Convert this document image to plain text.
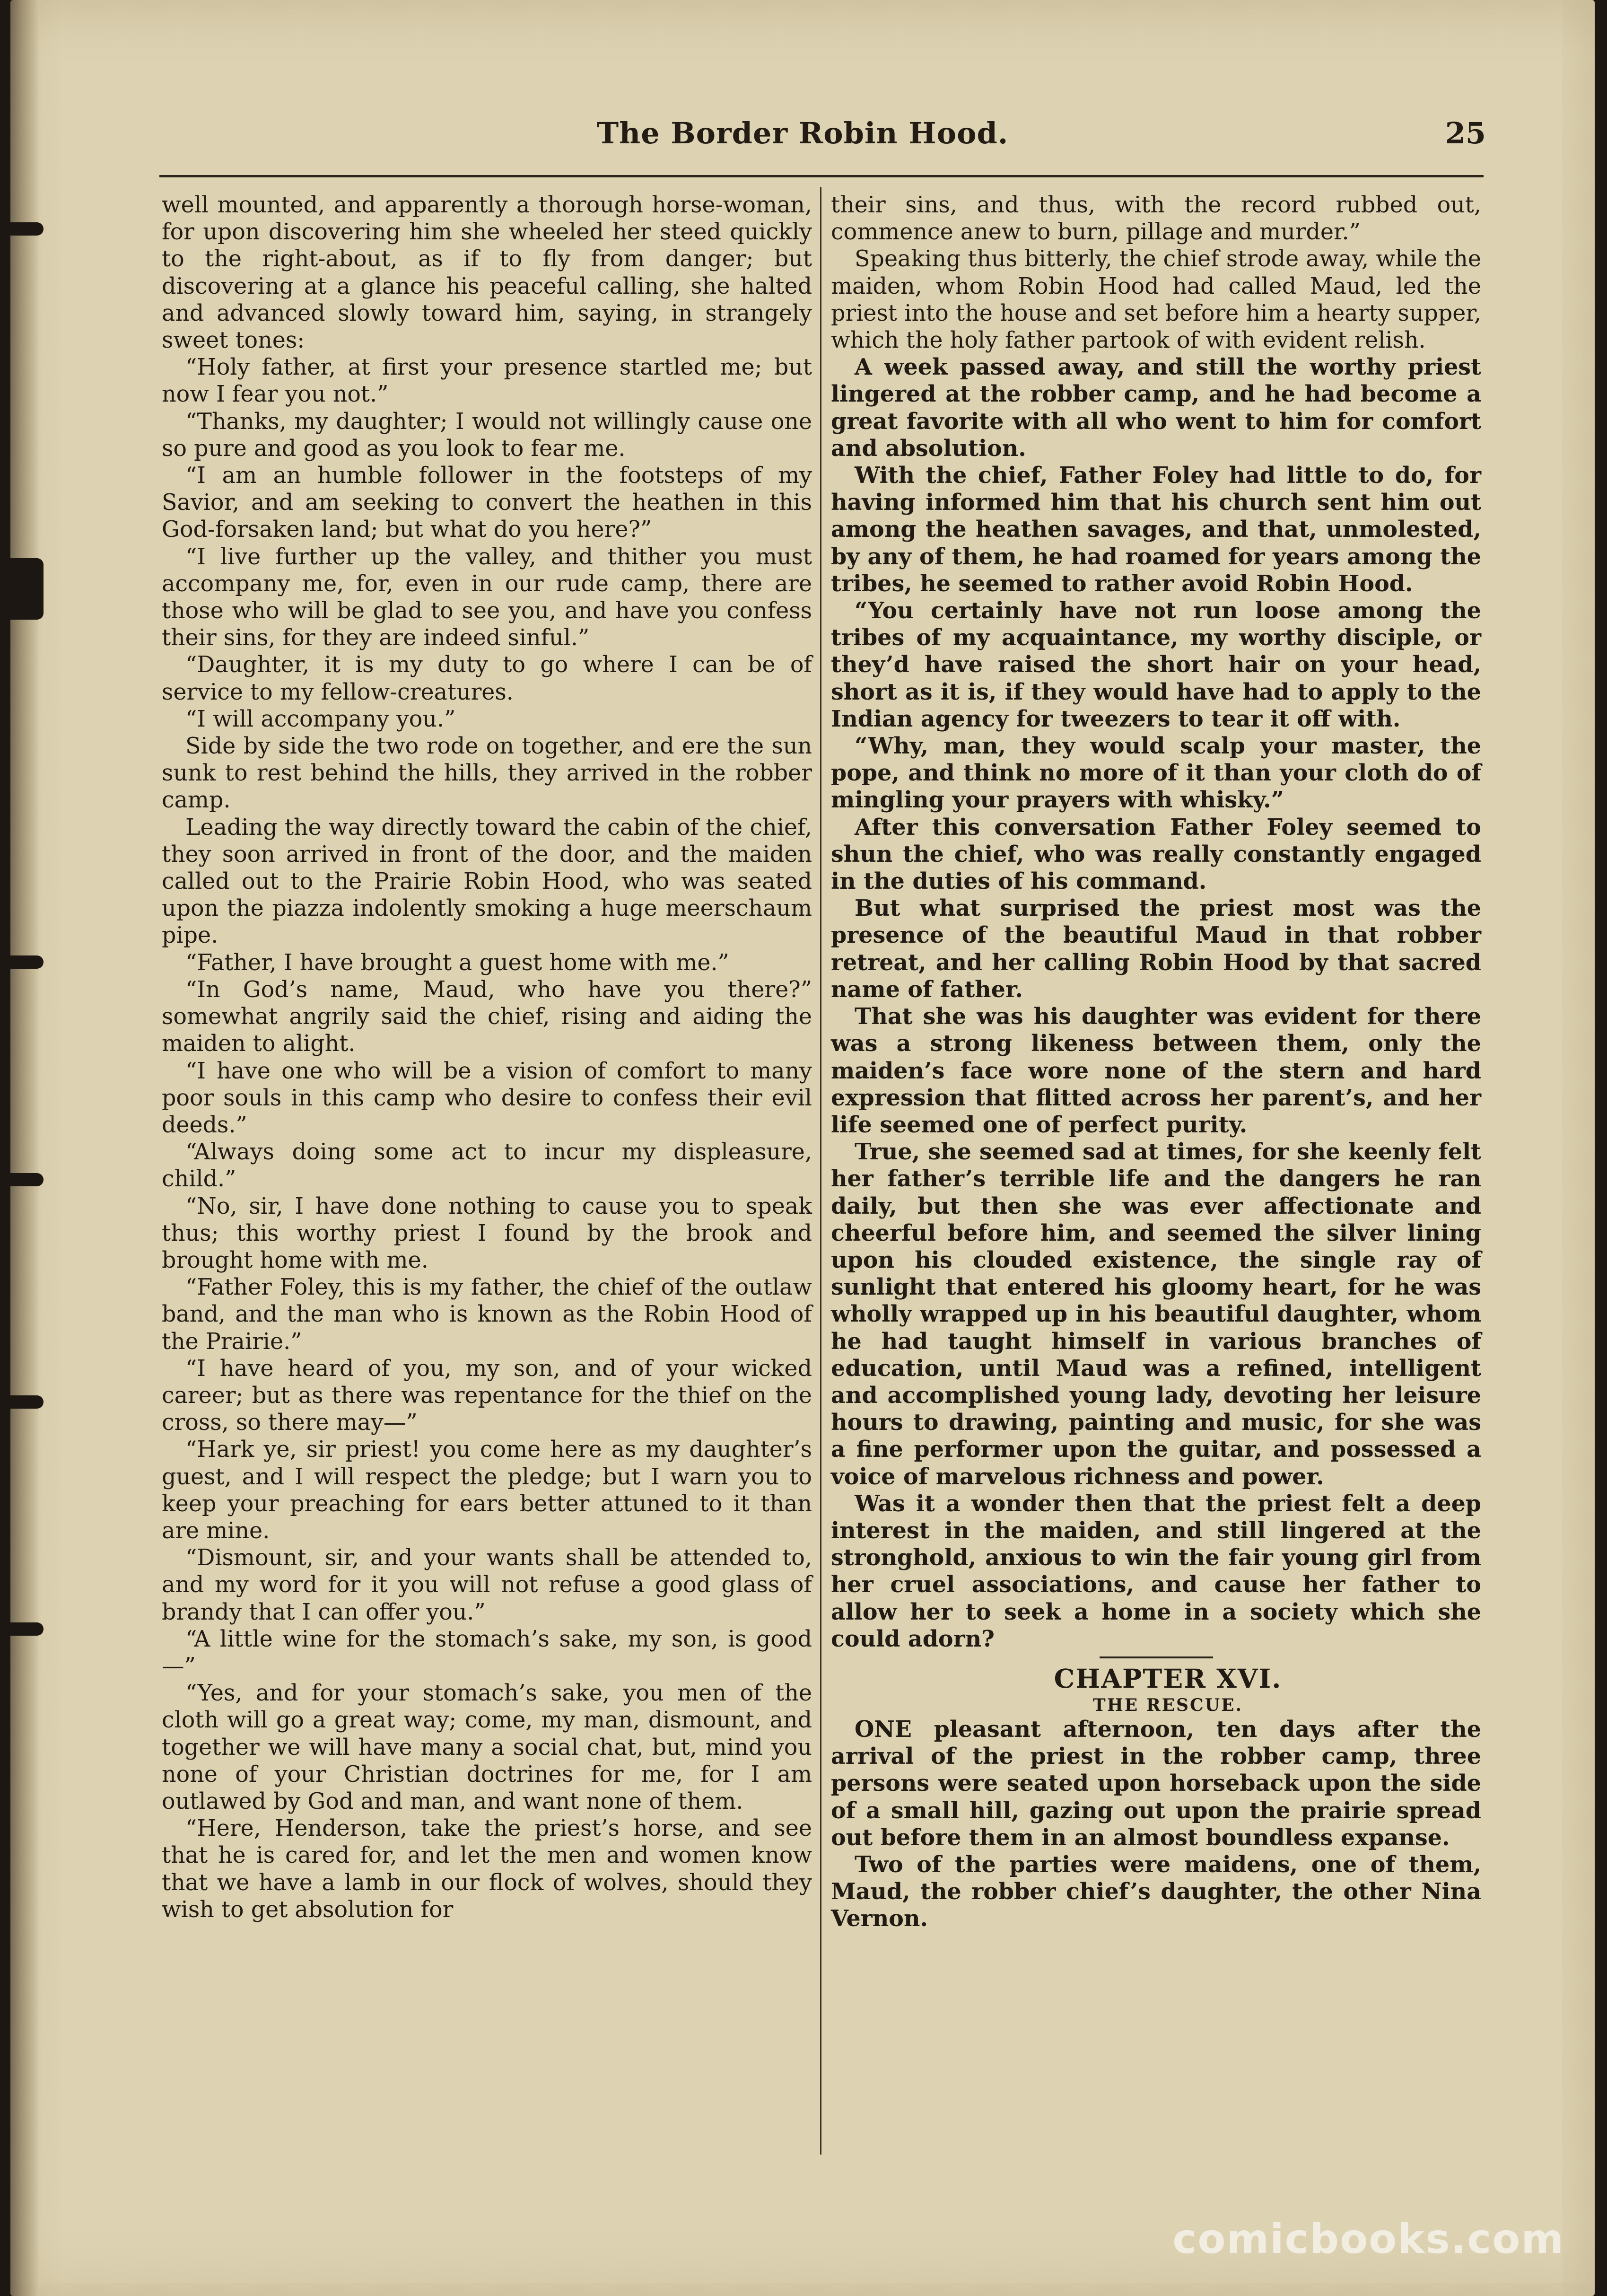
The Border Robin Hood.	25

well mounted, and apparently a thorough horse-woman, for upon discovering him she wheeled her steed quickly to the right-about, as if to fly from danger; but discovering at a glance his peaceful calling, she halted and advanced slowly toward him, saying, in strangely sweet tones:

“Holy father, at first your presence startled me; but now I fear you not.”

“Thanks, my daughter; I would not willingly cause one so pure and good as you look to fear me.

“I am an humble follower in the footsteps of my Savior, and am seeking to convert the heathen in this God-forsaken land; but what do you here?”

“I live further up the valley, and thither you must accompany me, for, even in our rude camp, there are those who will be glad to see you, and have you confess their sins, for they are indeed sinful.”

“Daughter, it is my duty to go where I can be of service to my fellow-creatures.

“I will accompany you.”

Side by side the two rode on together, and ere the sun sunk to rest behind the hills, they arrived in the robber camp.

Leading the way directly toward the cabin of the chief, they soon arrived in front of the door, and the maiden called out to the Prairie Robin Hood, who was seated upon the piazza indolently smoking a huge meerschaum pipe.

“Father, I have brought a guest home with me.”

“In God’s name, Maud, who have you there?” somewhat angrily said the chief, rising and aiding the maiden to alight.

“I have one who will be a vision of comfort to many poor souls in this camp who desire to confess their evil deeds.”

“Always doing some act to incur my displeasure, child.”

“No, sir, I have done nothing to cause you to speak thus; this worthy priest I found by the brook and brought home with me.

“Father Foley, this is my father, the chief of the outlaw band, and the man who is known as the Robin Hood of the Prairie.”

“I have heard of you, my son, and of your wicked career; but as there was repentance for the thief on the cross, so there may—”

“Hark ye, sir priest! you come here as my daughter’s guest, and I will respect the pledge; but I warn you to keep your preaching for ears better attuned to it than are mine.

“Dismount, sir, and your wants shall be attended to, and my word for it you will not refuse a good glass of brandy that I can offer you.”

“A little wine for the stomach’s sake, my son, is good—”

“Yes, and for your stomach’s sake, you men of the cloth will go a great way; come, my man, dismount, and together we will have many a social chat, but, mind you none of your Christian doctrines for me, for I am outlawed by God and man, and want none of them.

“Here, Henderson, take the priest’s horse, and see that he is cared for, and let the men and women know that we have a lamb in our flock of wolves, should they wish to get absolution for

their sins, and thus, with the record rubbed out, commence anew to burn, pillage and murder.”

Speaking thus bitterly, the chief strode away, while the maiden, whom Robin Hood had called Maud, led the priest into the house and set before him a hearty supper, which the holy father partook of with evident relish.

A week passed away, and still the worthy priest lingered at the robber camp, and he had become a great favorite with all who went to him for comfort and absolution.

With the chief, Father Foley had little to do, for having informed him that his church sent him out among the heathen savages, and that, unmolested, by any of them, he had roamed for years among the tribes, he seemed to rather avoid Robin Hood.

“You certainly have not run loose among the tribes of my acquaintance, my worthy disciple, or they’d have raised the short hair on your head, short as it is, if they would have had to apply to the Indian agency for tweezers to tear it off with.

“Why, man, they would scalp your master, the pope, and think no more of it than your cloth do of mingling your prayers with whisky.”

After this conversation Father Foley seemed to shun the chief, who was really constantly engaged in the duties of his command.

But what surprised the priest most was the presence of the beautiful Maud in that robber retreat, and her calling Robin Hood by that sacred name of father.

That she was his daughter was evident for there was a strong likeness between them, only the maiden’s face wore none of the stern and hard expression that flitted across her parent’s, and her life seemed one of perfect purity.

True, she seemed sad at times, for she keenly felt her father’s terrible life and the dangers he ran daily, but then she was ever affectionate and cheerful before him, and seemed the silver lining upon his clouded existence, the single ray of sunlight that entered his gloomy heart, for he was wholly wrapped up in his beautiful daughter, whom he had taught himself in various branches of education, until Maud was a refined, intelligent and accomplished young lady, devoting her leisure hours to drawing, painting and music, for she was a fine performer upon the guitar, and possessed a voice of marvelous richness and power.

Was it a wonder then that the priest felt a deep interest in the maiden, and still lingered at the stronghold, anxious to win the fair young girl from her cruel associations, and cause her father to allow her to seek a home in a society which she could adorn?

CHAPTER XVI.

THE RESCUE.

ONE pleasant afternoon, ten days after the arrival of the priest in the robber camp, three persons were seated upon horseback upon the side of a small hill, gazing out upon the prairie spread out before them in an almost boundless expanse.

Two of the parties were maidens, one of them, Maud, the robber chief’s daughter, the other Nina Vernon.

comicbooks.com
